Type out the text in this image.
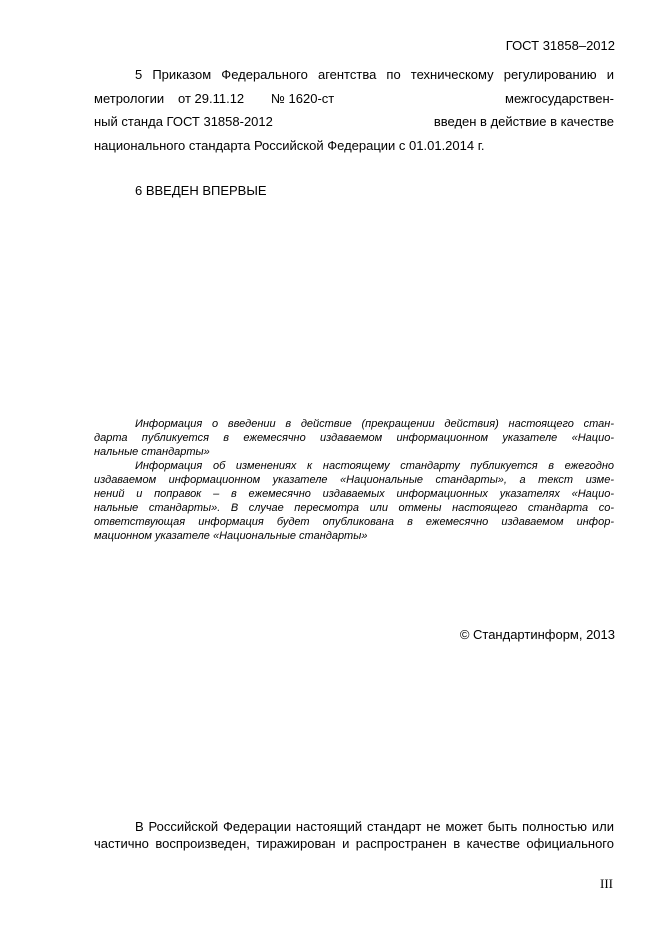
ГОСТ 31858–2012
5 Приказом Федерального агентства по техническому регулированию и
метрологии от 29.11.12 № 1620-ст	межгосударствен-
ный станда ГОСТ 31858-2012	введен в действие в качестве
национального стандарта Российской Федерации с 01.01.2014 г.
6 ВВЕДЕН ВПЕРВЫЕ
Информация о введении в действие (прекращении действия) настоящего стан-
дарта публикуется в ежемесячно издаваемом информационном указателе «Нацио-
нальные стандарты»
Информация об изменениях к настоящему стандарту публикуется в ежегодно
издаваемом информационном указателе «Национальные стандарты», а текст изме-
нений и поправок – в ежемесячно издаваемых информационных указателях «Нацио-
нальные стандарты». В случае пересмотра или отмены настоящего стандарта со-
ответствующая информация будет опубликована в ежемесячно издаваемом инфор-
мационном указателе «Национальные стандарты»
© Стандартинформ, 2013
В Российской Федерации настоящий стандарт не может быть полностью или
частично воспроизведен, тиражирован и распространен в качестве официального
III
